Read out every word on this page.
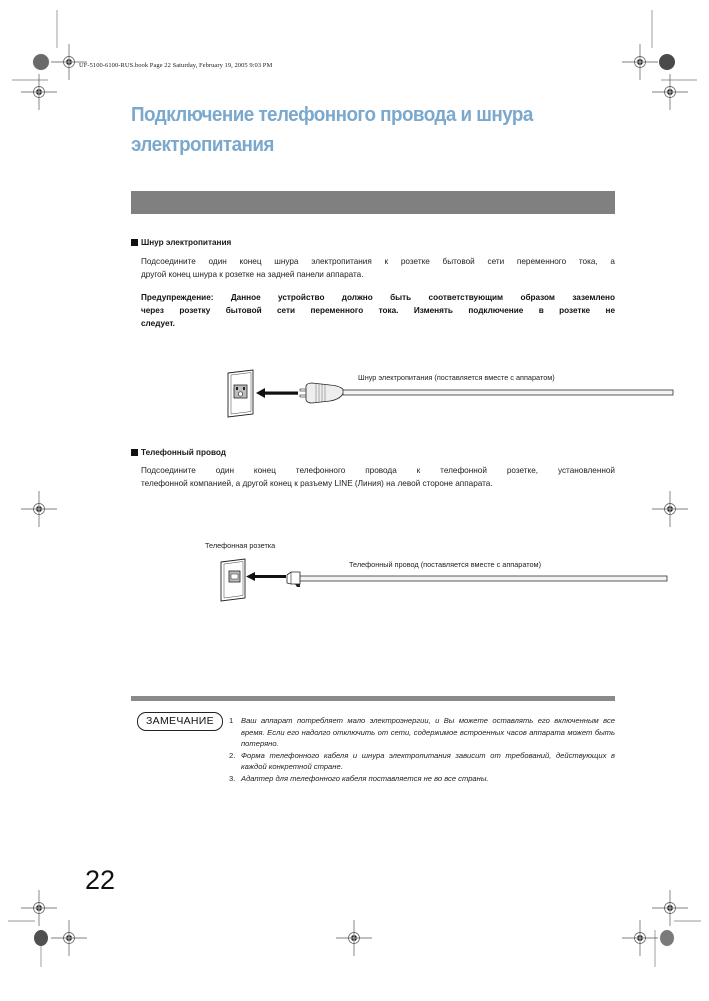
UF-5100-6100-RUS.book Page 22 Saturday, February 19, 2005 9:03 PM
Подключение телефонного провода и шнура
электропитания
Шнур электропитания
Подсоедините один конец шнура электропитания к розетке бытовой сети переменного тока, а
другой конец шнура к розетке на задней панели аппарата.
Предупреждение: Данное устройство должно быть соответствующим образом заземлено
через розетку бытовой сети переменного тока. Изменять подключение в розетке не
следует.
Шнур электропитания (поставляется вместе с аппаратом)
Телефонный провод
Подсоедините один конец телефонного провода к телефонной розетке, установленной
телефонной компанией, а другой конец к разъему LINE (Линия) на левой стороне аппарата.
Телефонная розетка
Телефонный провод (поставляется вместе с аппаратом)
ЗАМЕЧАНИЕ	1 Ваш аппарат потребляет мало электроэнергии, и Вы можете оставлять его включенным все время. Если его надолго отключить от сети, содержимое встроенных часов аппарата может быть потеряно.
2. Форма телефонного кабеля и шнура электропитания зависит от требований, действующих в каждой конкретной стране.
3. Адаптер для телефонного кабеля поставляется не во все страны.
22
